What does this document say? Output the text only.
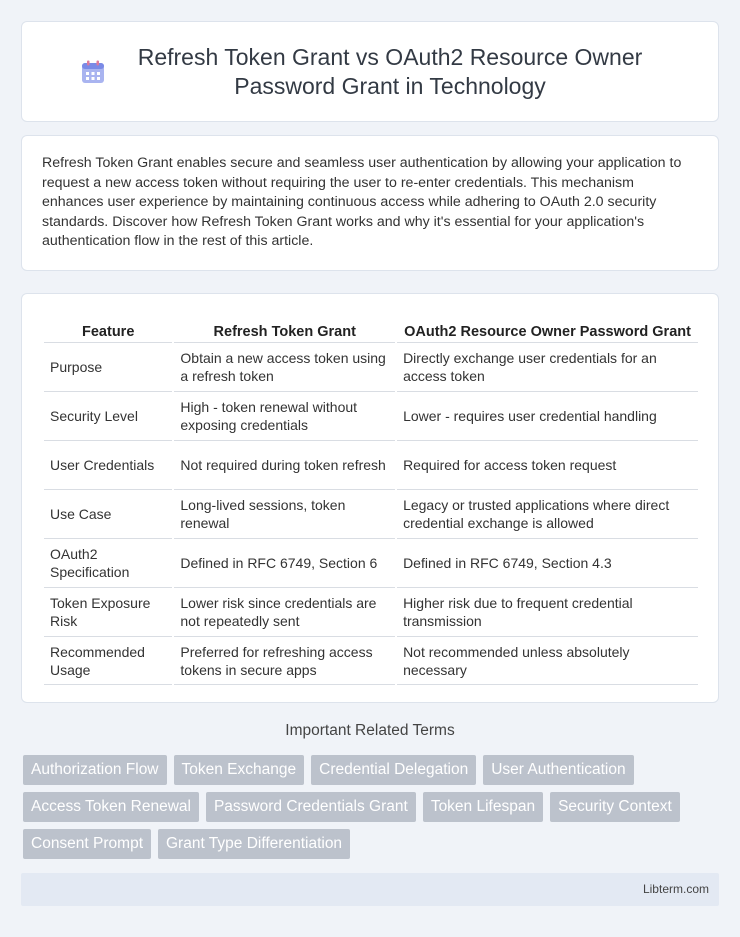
Refresh Token Grant vs OAuth2 Resource Owner Password Grant in Technology

Refresh Token Grant enables secure and seamless user authentication by allowing your application to request a new access token without requiring the user to re-enter credentials. This mechanism enhances user experience by maintaining continuous access while adhering to OAuth 2.0 security standards. Discover how Refresh Token Grant works and why it's essential for your application's authentication flow in the rest of this article.

Feature	Refresh Token Grant	OAuth2 Resource Owner Password Grant
Purpose	Obtain a new access token using a refresh token	Directly exchange user credentials for an access token
Security Level	High - token renewal without exposing credentials	Lower - requires user credential handling
User Credentials	Not required during token refresh	Required for access token request
Use Case	Long-lived sessions, token renewal	Legacy or trusted applications where direct credential exchange is allowed
OAuth2 Specification	Defined in RFC 6749, Section 6	Defined in RFC 6749, Section 4.3
Token Exposure Risk	Lower risk since credentials are not repeatedly sent	Higher risk due to frequent credential transmission
Recommended Usage	Preferred for refreshing access tokens in secure apps	Not recommended unless absolutely necessary
Important Related Terms
Authorization Flow	Token Exchange	Credential Delegation	User Authentication
Access Token Renewal	Password Credentials Grant	Token Lifespan	Security Context
Consent Prompt	Grant Type Differentiation
Libterm.com
